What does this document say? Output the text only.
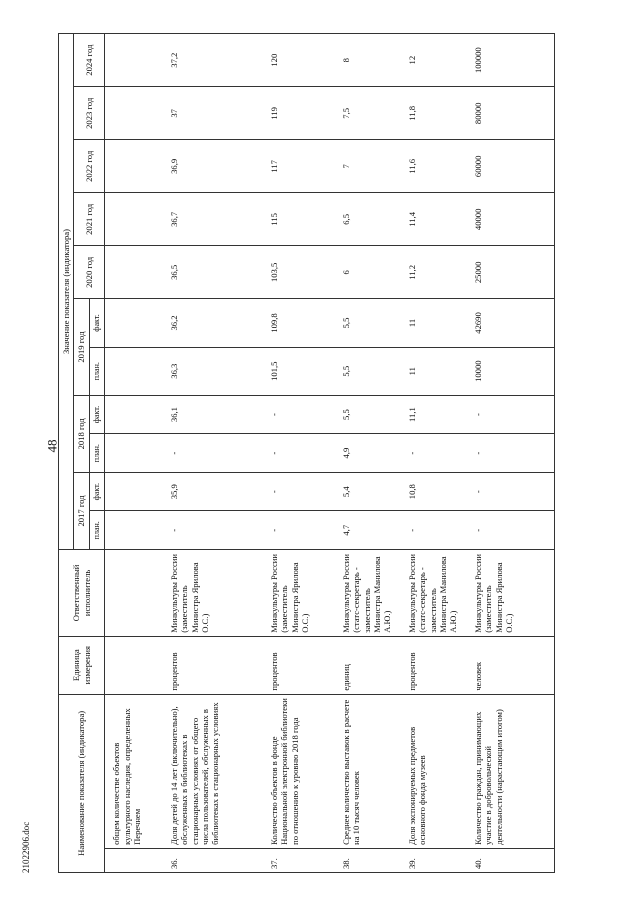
48
21022906.doc	Наименование показателя (индикатора)		Единица измерения	Ответственный исполнитель	Значение показателя (индикатора)										
				2017 год		2018 год		2019 год		2020 год	2021 год	2022 год	2023 год	2024 год
				план.	факт.	план.	факт.	план.	факт.					
	общем количестве объектов культурного наследия, определенных Перечнем													
36.	Доля детей до 14 лет (включительно), обслуженных в библиотеках в стационарных условиях от общего числа пользователей, обслуженных в библиотеках в стационарных условиях	процентов	Минкультуры России (заместитель Министра Ярилова О.С.)	-	35,9	-	36,1	36,3	36,2	36,5	36,7	36,9	37	37,2
37.	Количество объектов в фонде Национальной электронной библиотеки по отношению к уровню 2018 года	процентов	Минкультуры России (заместитель Министра Ярилова О.С.)	-	-	-	-	101,5	109,8	103,5	115	117	119	120
38.	Среднее количество выставок в расчете на 10 тысяч человек	единиц	Минкультуры России (статс-секретарь - заместитель Министра Манилова А.Ю.)	4,7	5,4	4,9	5,5	5,5	5,5	6	6,5	7	7,5	8
39.	Доля экспонируемых предметов основного фонда музеев	процентов	Минкультуры России (статс-секретарь - заместитель Министра Манилова А.Ю.)	-	10,8	-	11,1	11	11	11,2	11,4	11,6	11,8	12
40.	Количество граждан, принимающих участие в добровольческой деятельности (нарастающим итогом)	человек	Минкультуры России (заместитель Министра Ярилова О.С.)	-	-	-	-	10000	42690	25000	40000	60000	80000	100000
